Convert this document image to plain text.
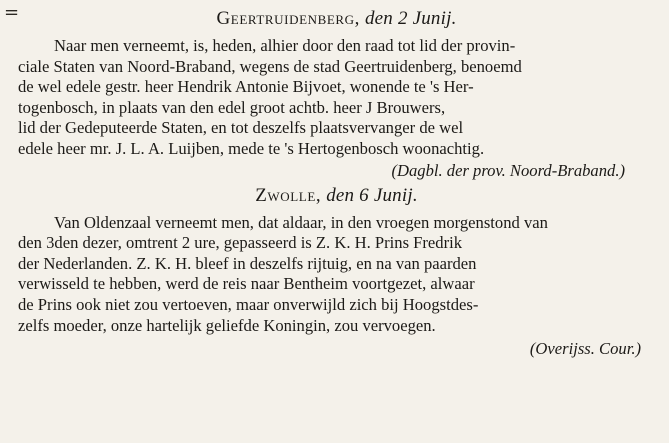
=	Geertruidenberg, den 2 Junij.
Naar men verneemt, is, heden, alhier door den raad tot lid der provin-
ciale Staten van Noord-Braband, wegens de stad Geertruidenberg, benoemd
de wel edele gestr. heer Hendrik Antonie Bijvoet, wonende te 's Her-
togenbosch, in plaats van den edel groot achtb. heer J Brouwers,
lid der Gedeputeerde Staten, en tot deszelfs plaatsvervanger de wel
edele heer mr. J. L. A. Luijben, mede te 's Hertogenbosch woonachtig.
(Dagbl. der prov. Noord-Braband.)
Zwolle, den 6 Junij.
Van Oldenzaal verneemt men, dat aldaar, in den vroegen morgenstond van
den 3den dezer, omtrent 2 ure, gepasseerd is Z. K. H. Prins Fredrik
der Nederlanden. Z. K. H. bleef in deszelfs rijtuig, en na van paarden
verwisseld te hebben, werd de reis naar Bentheim voortgezet, alwaar
de Prins ook niet zou vertoeven, maar onverwijld zich bij Hoogstdes-
zelfs moeder, onze hartelijk geliefde Koningin, zou vervoegen.
(Overijss. Cour.)
